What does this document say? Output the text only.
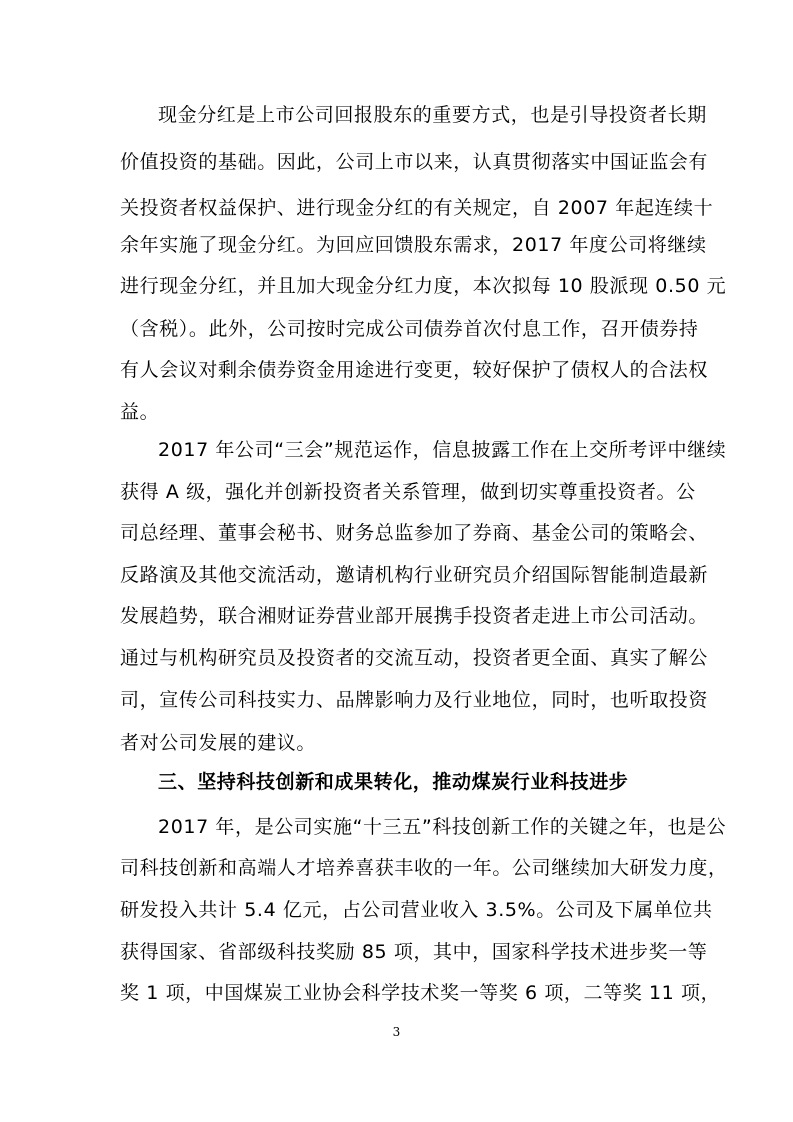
现金分红是上市公司回报股东的重要方式，也是引导投资者长期
价值投资的基础。因此，公司上市以来，认真贯彻落实中国证监会有
关投资者权益保护、进行现金分红的有关规定，自 2007 年起连续十
余年实施了现金分红。为回应回馈股东需求，2017 年度公司将继续
进行现金分红，并且加大现金分红力度，本次拟每 10 股派现 0.50 元
（含税）。此外，公司按时完成公司债券首次付息工作，召开债券持
有人会议对剩余债券资金用途进行变更，较好保护了债权人的合法权
益。
2017 年公司“三会”规范运作，信息披露工作在上交所考评中继续
获得 A 级，强化并创新投资者关系管理，做到切实尊重投资者。公
司总经理、董事会秘书、财务总监参加了券商、基金公司的策略会、
反路演及其他交流活动，邀请机构行业研究员介绍国际智能制造最新
发展趋势，联合湘财证券营业部开展携手投资者走进上市公司活动。
通过与机构研究员及投资者的交流互动，投资者更全面、真实了解公
司，宣传公司科技实力、品牌影响力及行业地位，同时，也听取投资
者对公司发展的建议。
三、坚持科技创新和成果转化，推动煤炭行业科技进步
2017 年，是公司实施“十三五”科技创新工作的关键之年，也是公
司科技创新和高端人才培养喜获丰收的一年。公司继续加大研发力度，
研发投入共计 5.4 亿元，占公司营业收入 3.5%。公司及下属单位共
获得国家、省部级科技奖励 85 项，其中，国家科学技术进步奖一等
奖 1 项，中国煤炭工业协会科学技术奖一等奖 6 项，二等奖 11 项，
3
